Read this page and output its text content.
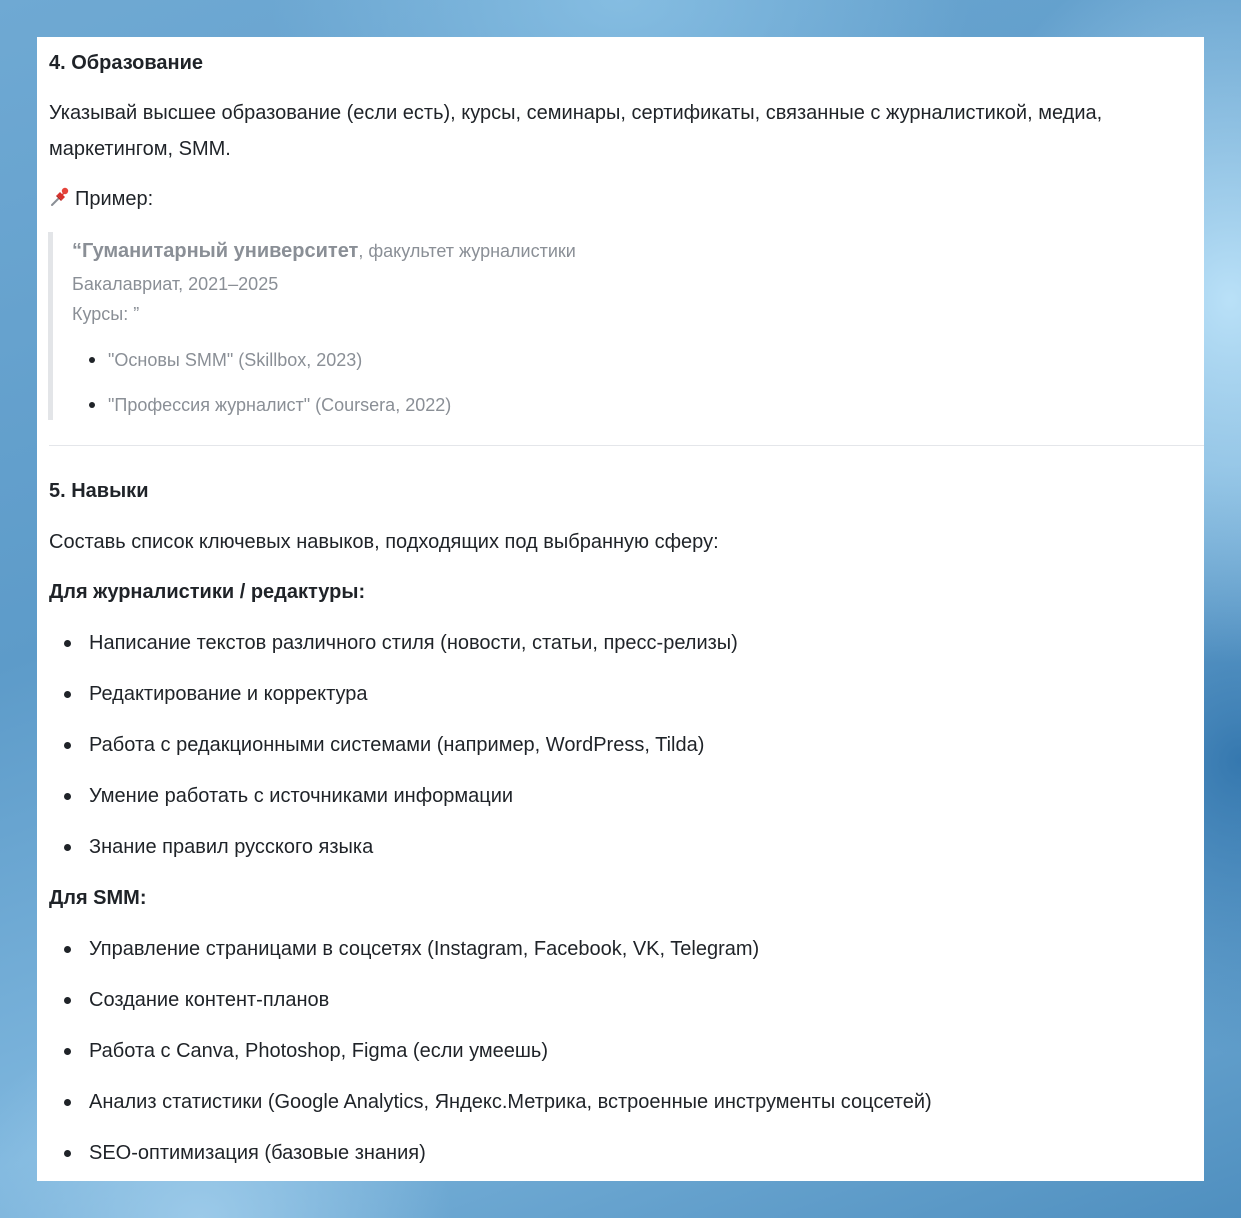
4. Образование

Указывай высшее образование (если есть), курсы, семинары, сертификаты, связанные с журналистикой, медиа, маркетингом, SMM.

Пример:
“Гуманитарный университет, факультет журналистики
Бакалавриат, 2021–2025
Курсы: ”
"Основы SMM" (Skillbox, 2023)
"Профессия журналист" (Coursera, 2022)
5. Навыки

Составь список ключевых навыков, подходящих под выбранную сферу:

Для журналистики / редактуры:
Написание текстов различного стиля (новости, статьи, пресс-релизы)
Редактирование и корректура
Работа с редакционными системами (например, WordPress, Tilda)
Умение работать с источниками информации
Знание правил русского языка
Для SMM:
Управление страницами в соцсетях (Instagram, Facebook, VK, Telegram)
Создание контент-планов
Работа с Canva, Photoshop, Figma (если умеешь)
Анализ статистики (Google Analytics, Яндекс.Метрика, встроенные инструменты соцсетей)
SEO-оптимизация (базовые знания)
